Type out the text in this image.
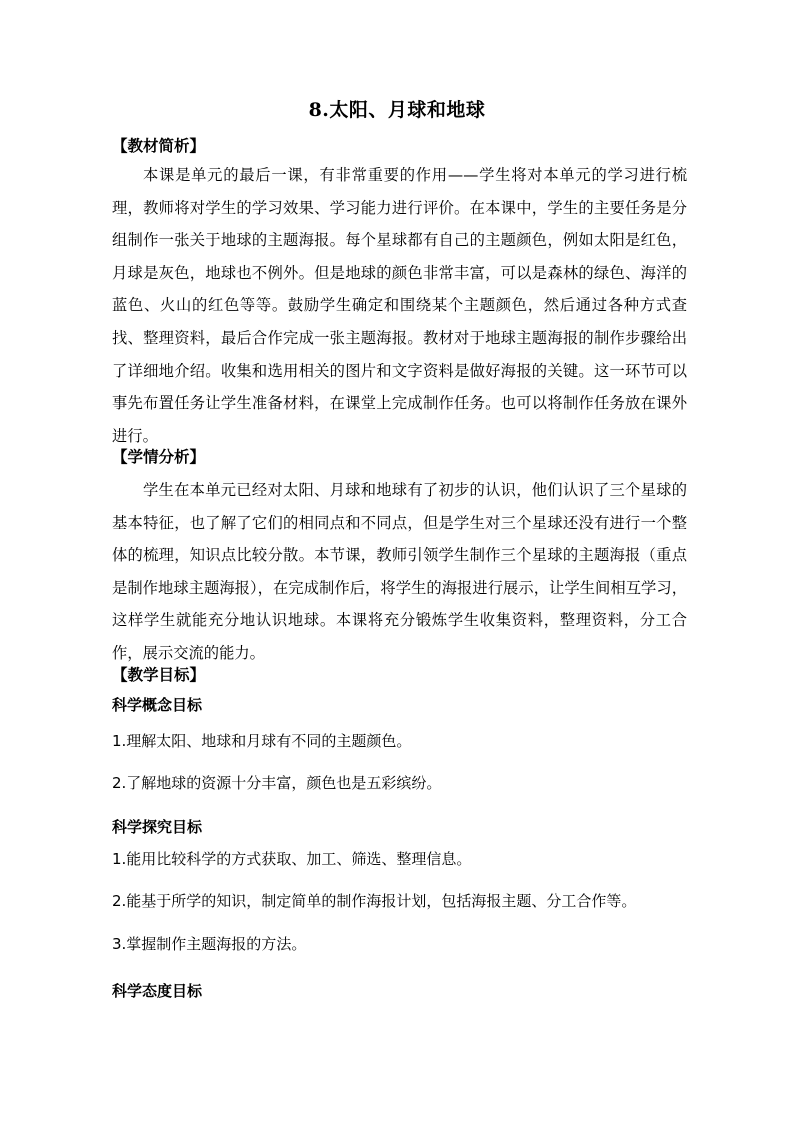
8.太阳、月球和地球
【教材简析】
本课是单元的最后一课，有非常重要的作用——学生将对本单元的学习进行梳理，教师将对学生的学习效果、学习能力进行评价。在本课中，学生的主要任务是分组制作一张关于地球的主题海报。每个星球都有自己的主题颜色，例如太阳是红色，月球是灰色，地球也不例外。但是地球的颜色非常丰富，可以是森林的绿色、海洋的蓝色、火山的红色等等。鼓励学生确定和围绕某个主题颜色，然后通过各种方式查找、整理资料，最后合作完成一张主题海报。教材对于地球主题海报的制作步骤给出了详细地介绍。收集和选用相关的图片和文字资料是做好海报的关键。这一环节可以事先布置任务让学生准备材料，在课堂上完成制作任务。也可以将制作任务放在课外进行。
【学情分析】
学生在本单元已经对太阳、月球和地球有了初步的认识，他们认识了三个星球的基本特征，也了解了它们的相同点和不同点，但是学生对三个星球还没有进行一个整体的梳理，知识点比较分散。本节课，教师引领学生制作三个星球的主题海报（重点是制作地球主题海报），在完成制作后，将学生的海报进行展示，让学生间相互学习，这样学生就能充分地认识地球。本课将充分锻炼学生收集资料，整理资料，分工合作，展示交流的能力。
【教学目标】
科学概念目标
1.理解太阳、地球和月球有不同的主题颜色。
2.了解地球的资源十分丰富，颜色也是五彩缤纷。
科学探究目标
1.能用比较科学的方式获取、加工、筛选、整理信息。
2.能基于所学的知识，制定简单的制作海报计划，包括海报主题、分工合作等。
3.掌握制作主题海报的方法。
科学态度目标
